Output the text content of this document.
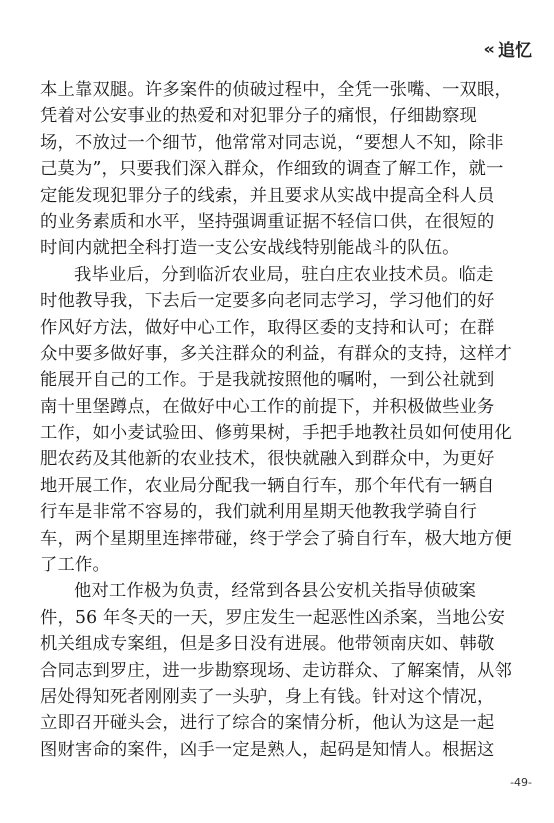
« 追忆
本上靠双腿。许多案件的侦破过程中，全凭一张嘴、一双眼，
凭着对公安事业的热爱和对犯罪分子的痛恨，仔细勘察现
场，不放过一个细节，他常常对同志说，“要想人不知，除非
己莫为”，只要我们深入群众，作细致的调查了解工作，就一
定能发现犯罪分子的线索，并且要求从实战中提高全科人员
的业务素质和水平，坚持强调重证据不轻信口供，在很短的
时间内就把全科打造一支公安战线特别能战斗的队伍。
我毕业后，分到临沂农业局，驻白庄农业技术员。临走
时他教导我，下去后一定要多向老同志学习，学习他们的好
作风好方法，做好中心工作，取得区委的支持和认可；在群
众中要多做好事，多关注群众的利益，有群众的支持，这样才
能展开自己的工作。于是我就按照他的嘱咐，一到公社就到
南十里堡蹲点，在做好中心工作的前提下，并积极做些业务
工作，如小麦试验田、修剪果树，手把手地教社员如何使用化
肥农药及其他新的农业技术，很快就融入到群众中，为更好
地开展工作，农业局分配我一辆自行车，那个年代有一辆自
行车是非常不容易的，我们就利用星期天他教我学骑自行
车，两个星期里连摔带碰，终于学会了骑自行车，极大地方便
了工作。
他对工作极为负责，经常到各县公安机关指导侦破案
件，56 年冬天的一天，罗庄发生一起恶性凶杀案，当地公安
机关组成专案组，但是多日没有进展。他带领南庆如、韩敬
合同志到罗庄，进一步勘察现场、走访群众、了解案情，从邻
居处得知死者刚刚卖了一头驴，身上有钱。针对这个情况，
立即召开碰头会，进行了综合的案情分析，他认为这是一起
图财害命的案件，凶手一定是熟人，起码是知情人。根据这
-49-
